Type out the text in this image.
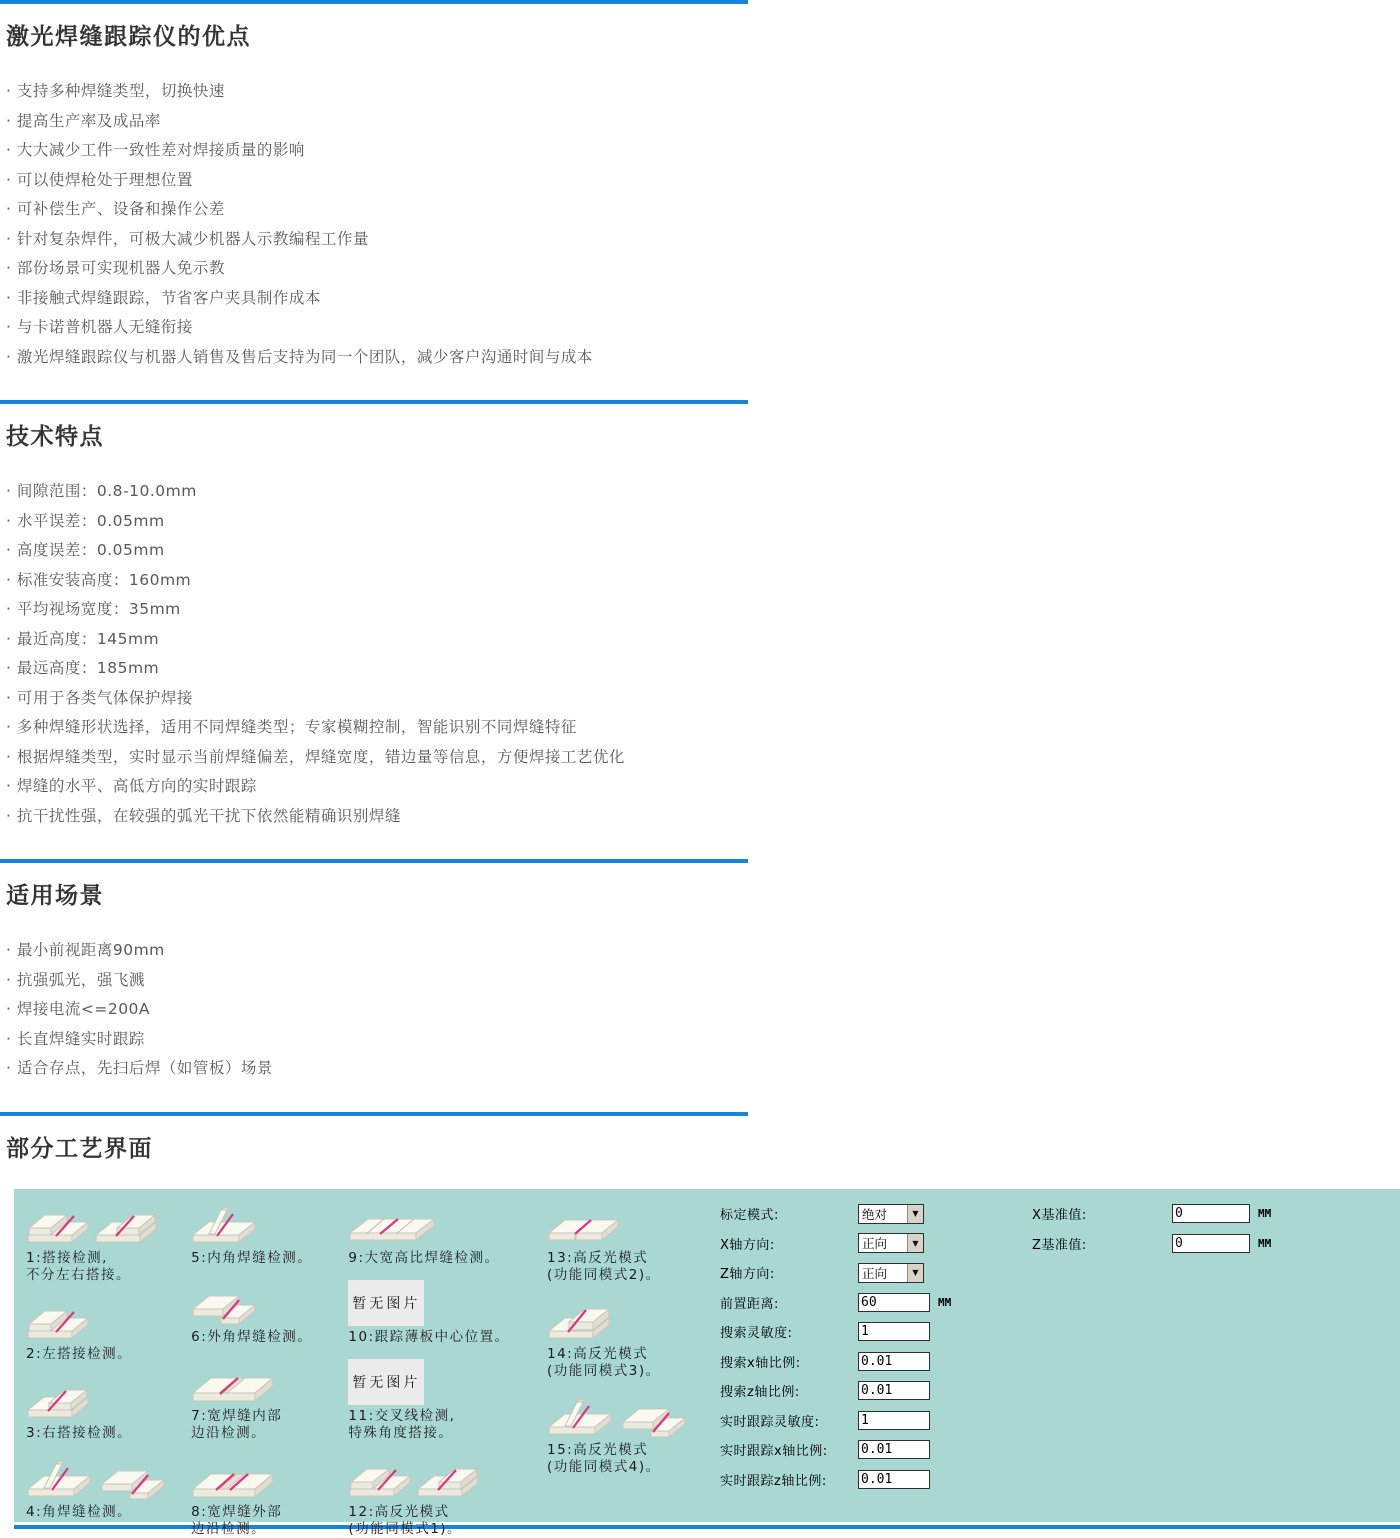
激光焊缝跟踪仪的优点
· 支持多种焊缝类型，切换快速
· 提高生产率及成品率
· 大大减少工件一致性差对焊接质量的影响
· 可以使焊枪处于理想位置
· 可补偿生产、设备和操作公差
· 针对复杂焊件，可极大减少机器人示教编程工作量
· 部份场景可实现机器人免示教
· 非接触式焊缝跟踪，节省客户夹具制作成本
· 与卡诺普机器人无缝衔接
· 激光焊缝跟踪仪与机器人销售及售后支持为同一个团队，减少客户沟通时间与成本
技术特点
· 间隙范围：0.8-10.0mm
· 水平误差：0.05mm
· 高度误差：0.05mm
· 标准安装高度：160mm
· 平均视场宽度：35mm
· 最近高度：145mm
· 最远高度：185mm
· 可用于各类气体保护焊接
· 多种焊缝形状选择，适用不同焊缝类型；专家模糊控制，智能识别不同焊缝特征
· 根据焊缝类型，实时显示当前焊缝偏差，焊缝宽度，错边量等信息，方便焊接工艺优化
· 焊缝的水平、高低方向的实时跟踪
· 抗干扰性强，在较强的弧光干扰下依然能精确识别焊缝
适用场景
· 最小前视距离90mm
· 抗强弧光，强飞溅
· 焊接电流<=200A
· 长直焊缝实时跟踪
· 适合存点，先扫后焊（如管板）场景
部分工艺界面
1:搭接检测,
不分左右搭接。
2:左搭接检测。
3:右搭接检测。
4:角焊缝检测。
5:内角焊缝检测。
6:外角焊缝检测。
7:宽焊缝内部
边沿检测。
8:宽焊缝外部
边沿检测。
9:大宽高比焊缝检测。
暂无图片
10:跟踪薄板中心位置。
暂无图片
11:交叉线检测,
特殊角度搭接。
12:高反光模式
(功能同模式1)。
13:高反光模式
(功能同模式2)。
14:高反光模式
(功能同模式3)。
15:高反光模式
(功能同模式4)。
标定模式:	绝对	▼
X轴方向:	正向	▼
Z轴方向:	正向	▼
前置距离:
60	MM
搜索灵敏度:
1
搜索x轴比例:
0.01
搜索z轴比例:
0.01
实时跟踪灵敏度:
1
实时跟踪x轴比例:
0.01
实时跟踪z轴比例:
0.01
X基准值:
0	MM
Z基准值:
0	MM
